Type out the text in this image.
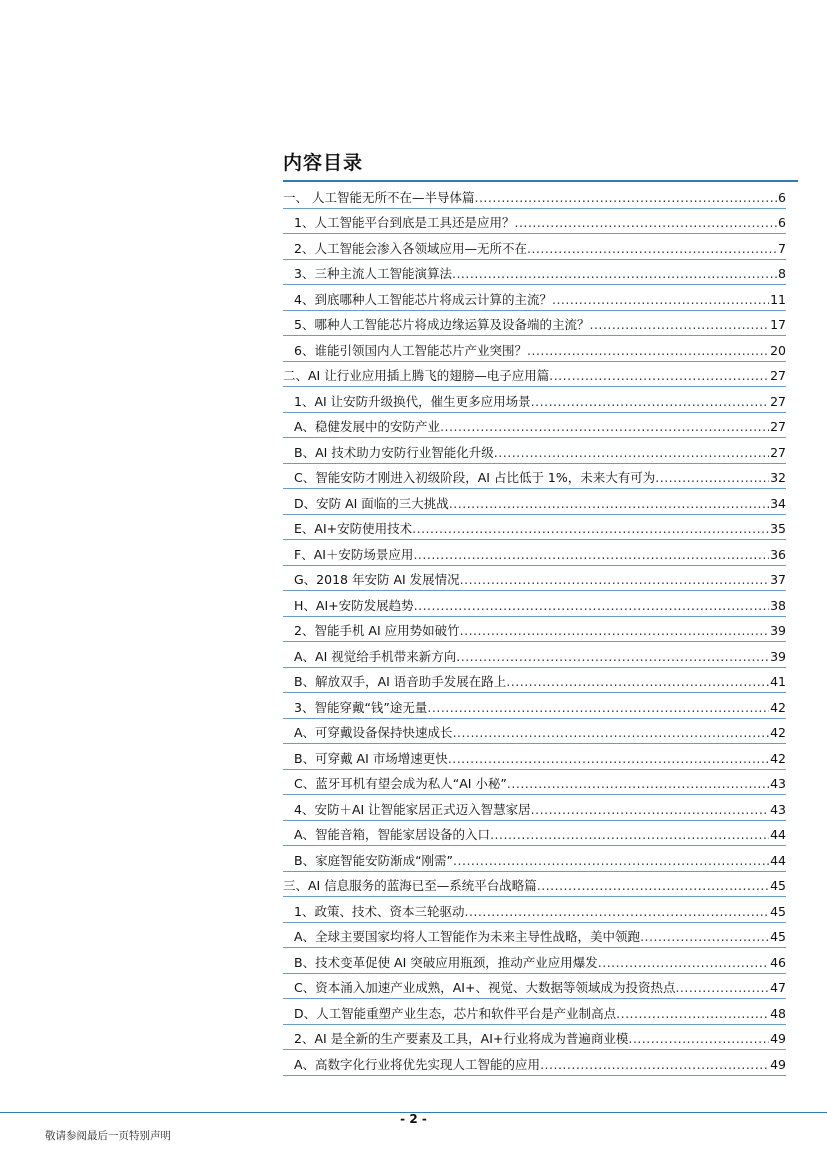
内容目录
一、 人工智能无所不在—半导体篇 .....	6
1、人工智能平台到底是工具还是应用？ .....	6
2、人工智能会渗入各领域应用—无所不在 .....	7
3、三种主流人工智能演算法 .....	8
4、到底哪种人工智能芯片将成云计算的主流？ .....	11
5、哪种人工智能芯片将成边缘运算及设备端的主流？ .....	17
6、谁能引领国内人工智能芯片产业突围？ .....	20
二、AI 让行业应用插上腾飞的翅膀—电子应用篇 .....	27
1、AI 让安防升级换代，催生更多应用场景 .....	27
A、稳健发展中的安防产业 .....	27
B、AI 技术助力安防行业智能化升级 .....	27
C、智能安防才刚进入初级阶段，AI 占比低于 1%，未来大有可为 .....	32
D、安防 AI 面临的三大挑战 .....	34
E、AI+安防使用技术 .....	35
F、AI＋安防场景应用 .....	36
G、2018 年安防 AI 发展情况 .....	37
H、AI+安防发展趋势 .....	38
2、智能手机 AI 应用势如破竹 .....	39
A、AI 视觉给手机带来新方向 .....	39
B、解放双手，AI 语音助手发展在路上 .....	41
3、智能穿戴“钱”途无量 .....	42
A、可穿戴设备保持快速成长 .....	42
B、可穿戴 AI 市场增速更快 .....	42
C、蓝牙耳机有望会成为私人“AI 小秘” .....	43
4、安防＋AI 让智能家居正式迈入智慧家居 .....	43
A、智能音箱，智能家居设备的入口 .....	44
B、家庭智能安防渐成“刚需” .....	44
三、AI 信息服务的蓝海已至—系统平台战略篇 .....	45
1、政策、技术、资本三轮驱动 .....	45
A、全球主要国家均将人工智能作为未来主导性战略，美中领跑 .....	45
B、技术变革促使 AI 突破应用瓶颈，推动产业应用爆发 .....	46
C、资本涌入加速产业成熟，AI+、视觉、大数据等领域成为投资热点 .....	47
D、人工智能重塑产业生态，芯片和软件平台是产业制高点 .....	48
2、AI 是全新的生产要素及工具，AI+行业将成为普遍商业模 .....	49
A、高数字化行业将优先实现人工智能的应用 .....	49
- 2 -
敬请参阅最后一页特别声明
